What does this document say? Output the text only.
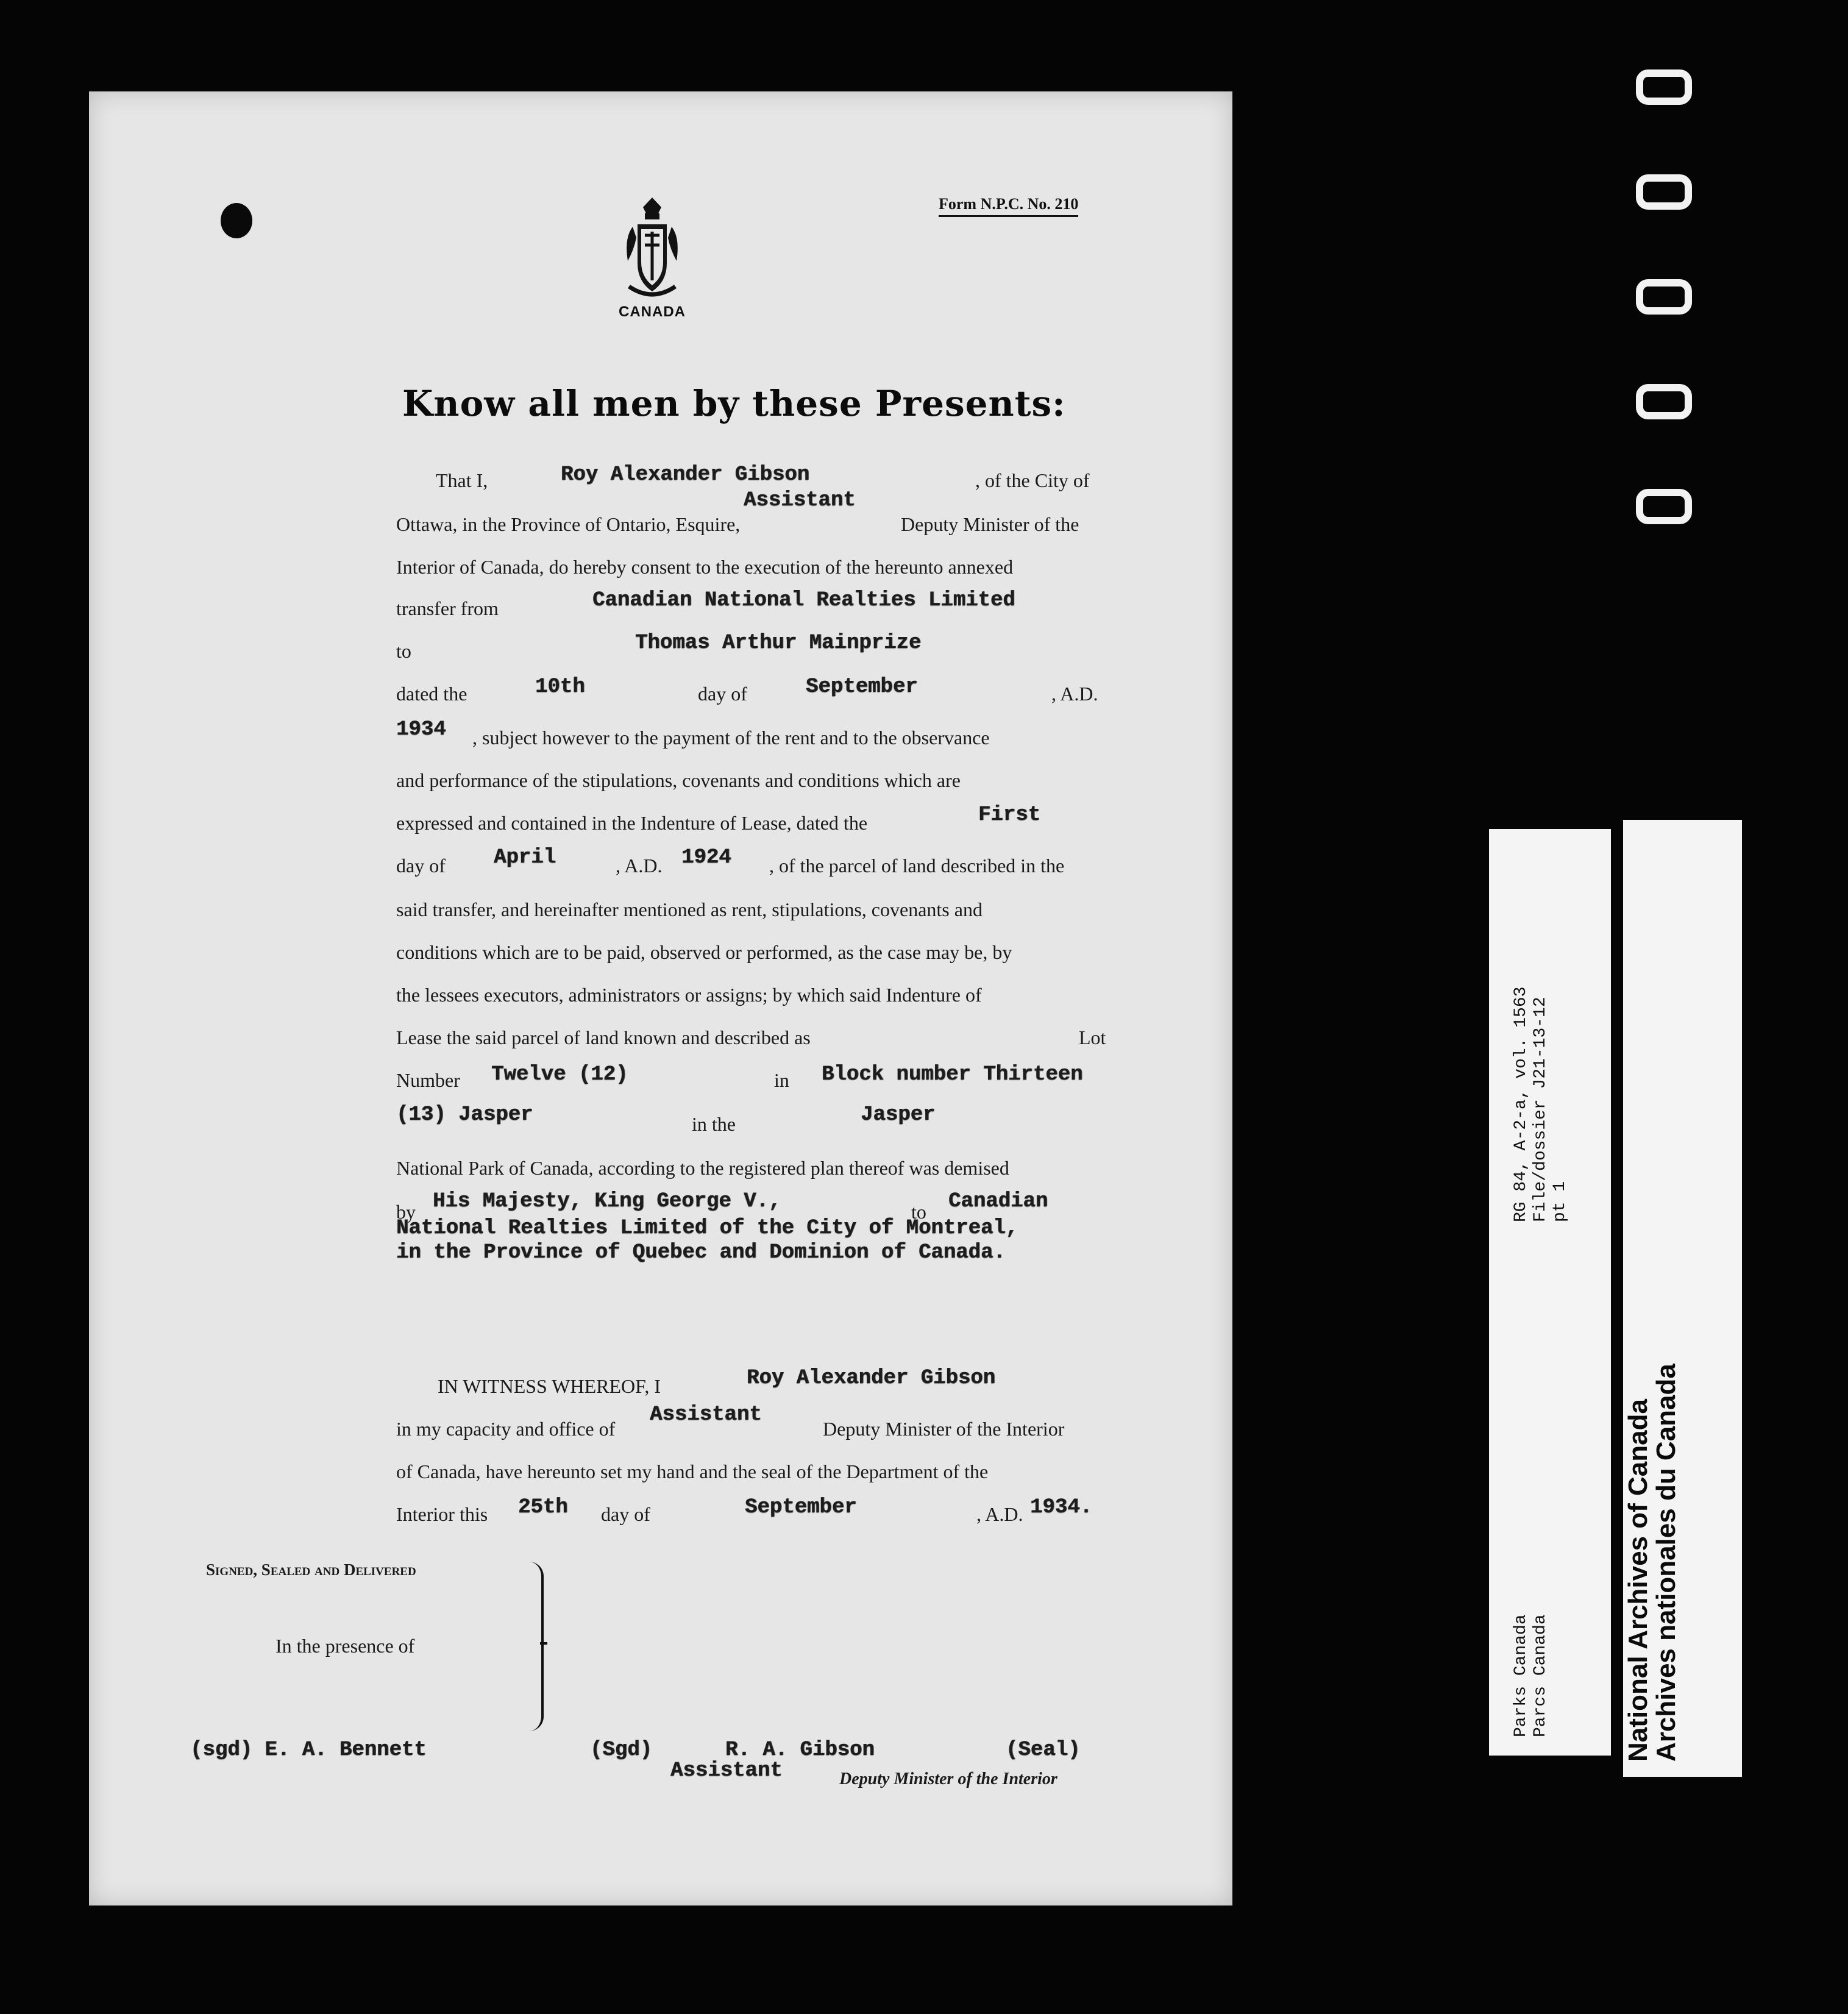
Form N.P.C. No. 210
CANADA
Know all men by these Presents:
That I,	Roy Alexander Gibson	, of the City of
Assistant
Ottawa, in the Province of Ontario, Esquire,	Deputy Minister of the
Interior of Canada, do hereby consent to the execution of the hereunto annexed
transfer from	Canadian National Realties Limited
to	Thomas Arthur Mainprize
dated the	10th	day of	September	, A.D.
1934 , subject however to the payment of the rent and to the observance
and performance of the stipulations, covenants and conditions which are
expressed and contained in the Indenture of Lease, dated the	First
day of April	, A.D. 1924 , of the parcel of land described in the
said transfer, and hereinafter mentioned as rent, stipulations, covenants and
conditions which are to be paid, observed or performed, as the case may be, by
the lessees executors, administrators or assigns; by which said Indenture of
Lease the said parcel of land known and described as	Lot
Number Twelve (12)	in Block number Thirteen
(13) Jasper	in the	Jasper
National Park of Canada, according to the registered plan thereof was demised
by His Majesty, King George V.,	to Canadian
National Realties Limited of the City of Montreal,
in the Province of Quebec and Dominion of Canada.
IN WITNESS WHEREOF, I	Roy Alexander Gibson
in my capacity and office of
Assistant
Deputy Minister of the Interior
of Canada, have hereunto set my hand and the seal of the Department of the
Interior this 25th day of	September	, A.D. 1934.
Signed, Sealed and Delivered
In the presence of
(sgd) E. A. Bennett	(Sgd)	R. A. Gibson	(Seal)
Assistant	Deputy Minister of the Interior
RG 84, A-2-a, vol. 1563 File/dossier J21-13-12 pt 1
Parks Canada Parcs Canada	National Archives of Canada
Archives nationales du Canada
